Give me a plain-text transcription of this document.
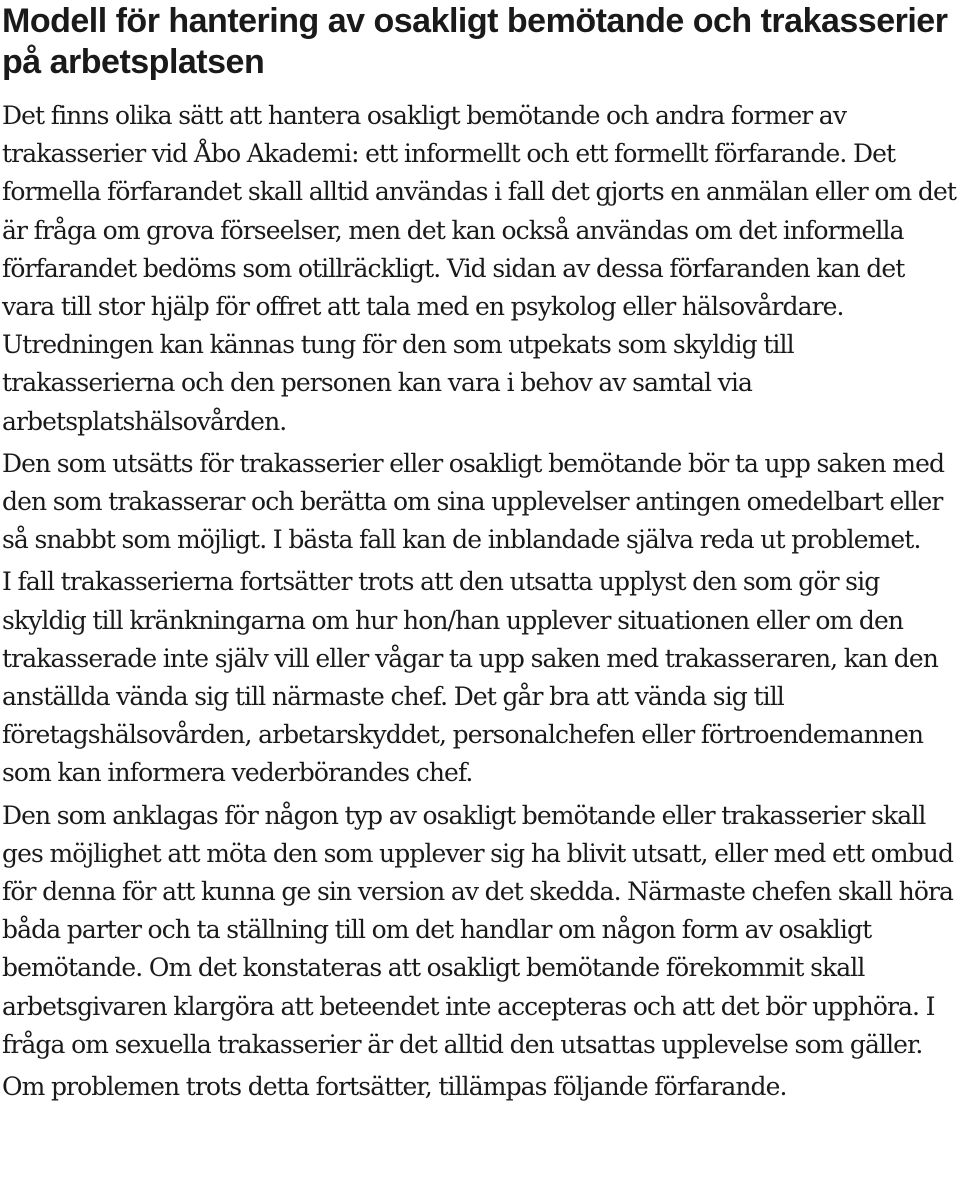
Modell för hantering av osakligt bemötande och trakasserier på arbetsplatsen

Det finns olika sätt att hantera osakligt bemötande och andra former av trakasserier vid Åbo Akademi: ett informellt och ett formellt förfarande. Det formella förfarandet skall alltid användas i fall det gjorts en anmälan eller om det är fråga om grova förseelser, men det kan också användas om det informella förfarandet bedöms som otillräckligt. Vid sidan av dessa förfaranden kan det vara till stor hjälp för offret att tala med en psykolog eller hälsovårdare. Utredningen kan kännas tung för den som utpekats som skyldig till trakasserierna och den personen kan vara i behov av samtal via arbetsplatshälsovården.

Den som utsätts för trakasserier eller osakligt bemötande bör ta upp saken med den som trakasserar och berätta om sina upplevelser antingen omedelbart eller så snabbt som möjligt. I bästa fall kan de inblandade själva reda ut problemet.

I fall trakasserierna fortsätter trots att den utsatta upplyst den som gör sig skyldig till kränkningarna om hur hon/han upplever situationen eller om den trakasserade inte själv vill eller vågar ta upp saken med trakasseraren, kan den anställda vända sig till närmaste chef. Det går bra att vända sig till företagshälsovården, arbetarskyddet, personalchefen eller förtroendemannen som kan informera vederbörandes chef.

Den som anklagas för någon typ av osakligt bemötande eller trakasserier skall ges möjlighet att möta den som upplever sig ha blivit utsatt, eller med ett ombud för denna för att kunna ge sin version av det skedda. Närmaste chefen skall höra båda parter och ta ställning till om det handlar om någon form av osakligt bemötande. Om det konstateras att osakligt bemötande förekommit skall arbetsgivaren klargöra att beteendet inte accepteras och att det bör upphöra. I fråga om sexuella trakasserier är det alltid den utsattas upplevelse som gäller.

Om problemen trots detta fortsätter, tillämpas följande förfarande.
